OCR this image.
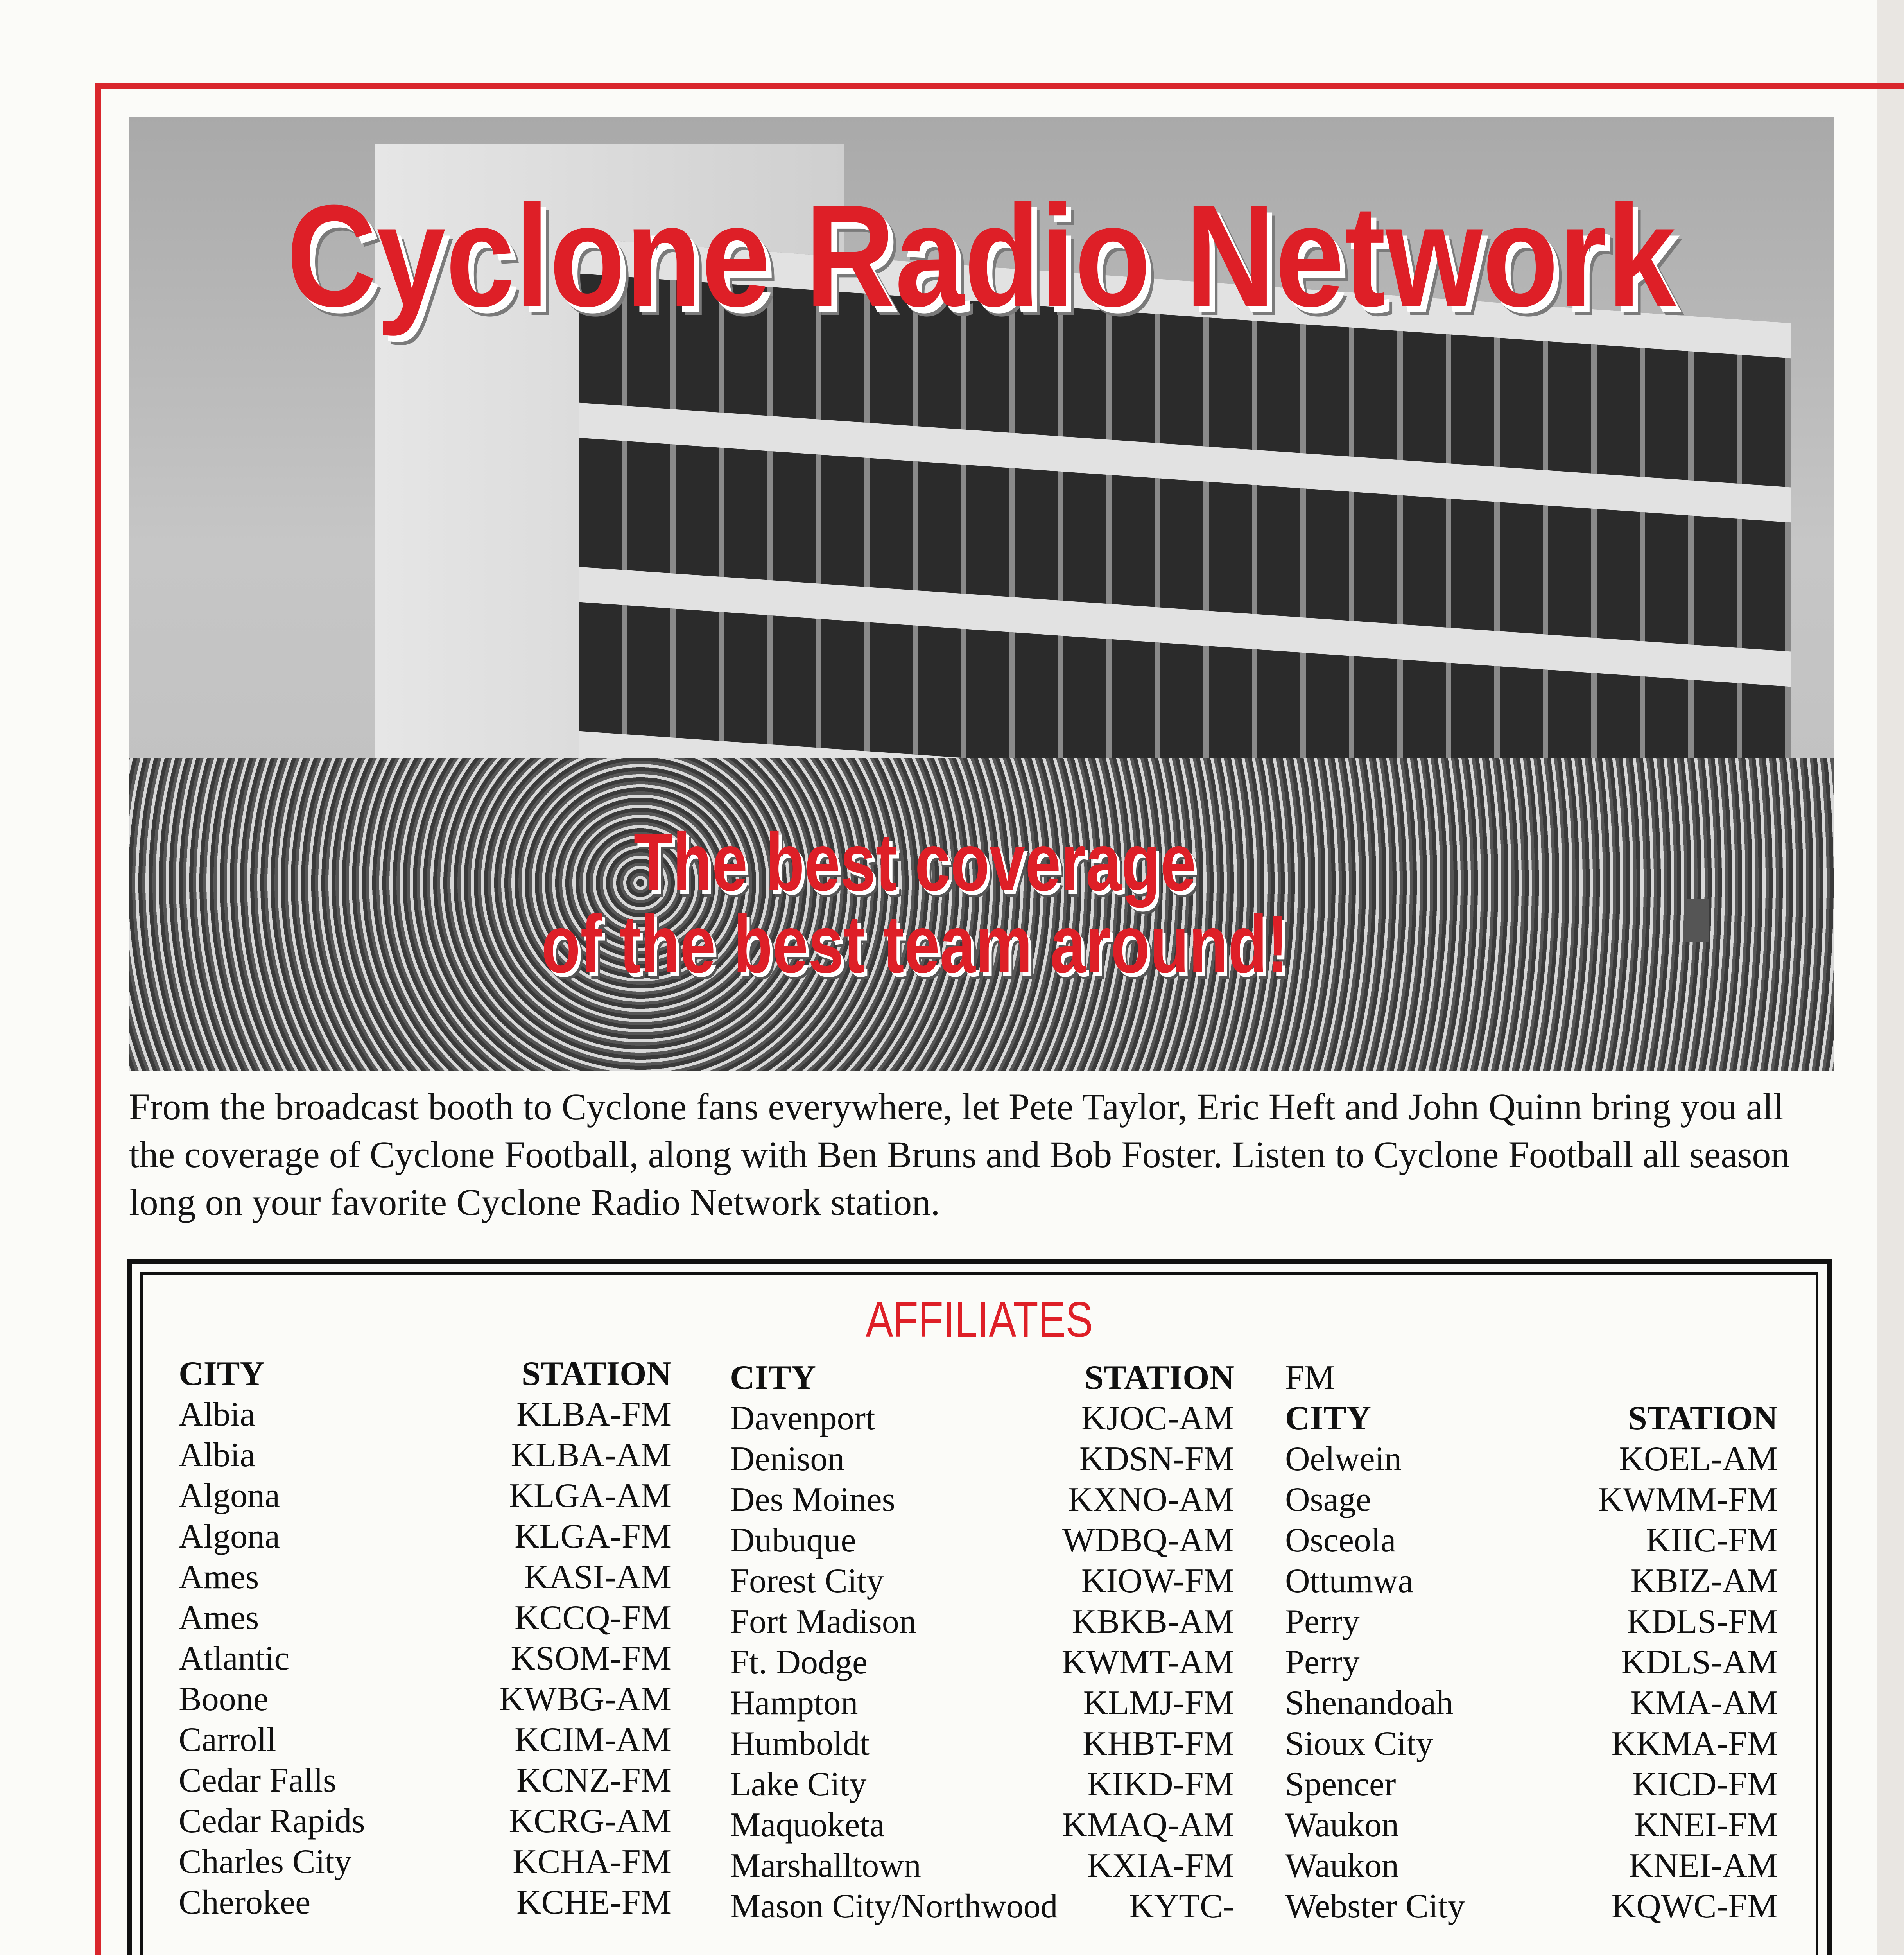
Cyclone Radio Network
The best coverage
of the best team around!
From the broadcast booth to Cyclone fans everywhere, let Pete Taylor, Eric Heft and John Quinn bring you all the coverage of Cyclone Football, along with Ben Bruns and Bob Foster. Listen to Cyclone Football all season long on your favorite Cyclone Radio Network station.
AFFILIATES
CITY	STATION
Albia	KLBA-FM
Albia	KLBA-AM
Algona	KLGA-AM
Algona	KLGA-FM
Ames	KASI-AM
Ames	KCCQ-FM
Atlantic	KSOM-FM
Boone	KWBG-AM
Carroll	KCIM-AM
Cedar Falls	KCNZ-FM
Cedar Rapids	KCRG-AM
Charles City	KCHA-FM
Cherokee	KCHE-FM
CITY	STATION
Davenport	KJOC-AM
Denison	KDSN-FM
Des Moines	KXNO-AM
Dubuque	WDBQ-AM
Forest City	KIOW-FM
Fort Madison	KBKB-AM
Ft. Dodge	KWMT-AM
Hampton	KLMJ-FM
Humboldt	KHBT-FM
Lake City	KIKD-FM
Maquoketa	KMAQ-AM
Marshalltown	KXIA-FM
Mason City/Northwood KYTC-
FM
CITY	STATION
Oelwein	KOEL-AM
Osage	KWMM-FM
Osceola	KIIC-FM
Ottumwa	KBIZ-AM
Perry	KDLS-FM
Perry	KDLS-AM
Shenandoah	KMA-AM
Sioux City	KKMA-FM
Spencer	KICD-FM
Waukon	KNEI-FM
Waukon	KNEI-AM
Webster City	KQWC-FM
